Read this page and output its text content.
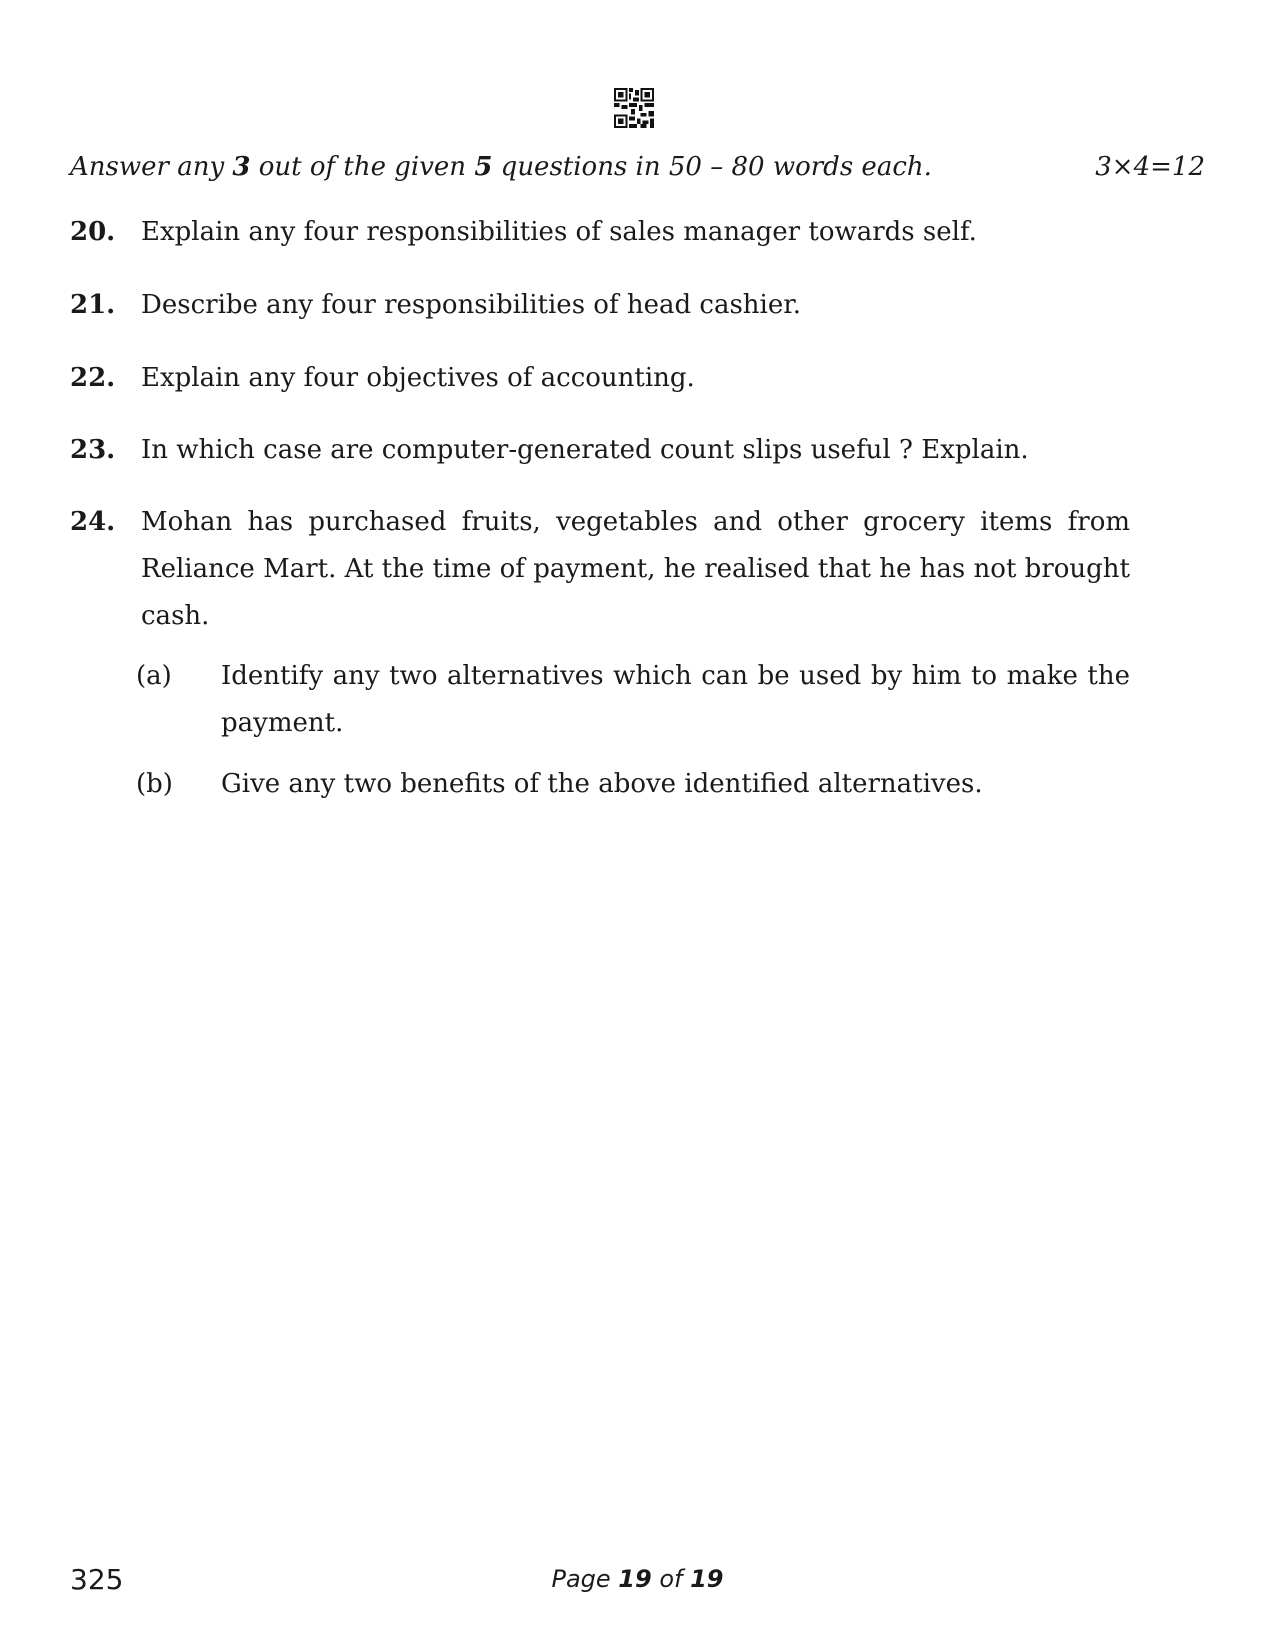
Answer any 3 out of the given 5 questions in 50 – 80 words each.	3×4=12
20. Explain any four responsibilities of sales manager towards self.
21. Describe any four responsibilities of head cashier.
22. Explain any four objectives of accounting.
23. In which case are computer-generated count slips useful ? Explain.
24. Mohan has purchased fruits, vegetables and other grocery items from Reliance Mart. At the time of payment, he realised that he has not brought cash.
(a) Identify any two alternatives which can be used by him to make the payment.
(b) Give any two benefits of the above identified alternatives.
325	Page 19 of 19
